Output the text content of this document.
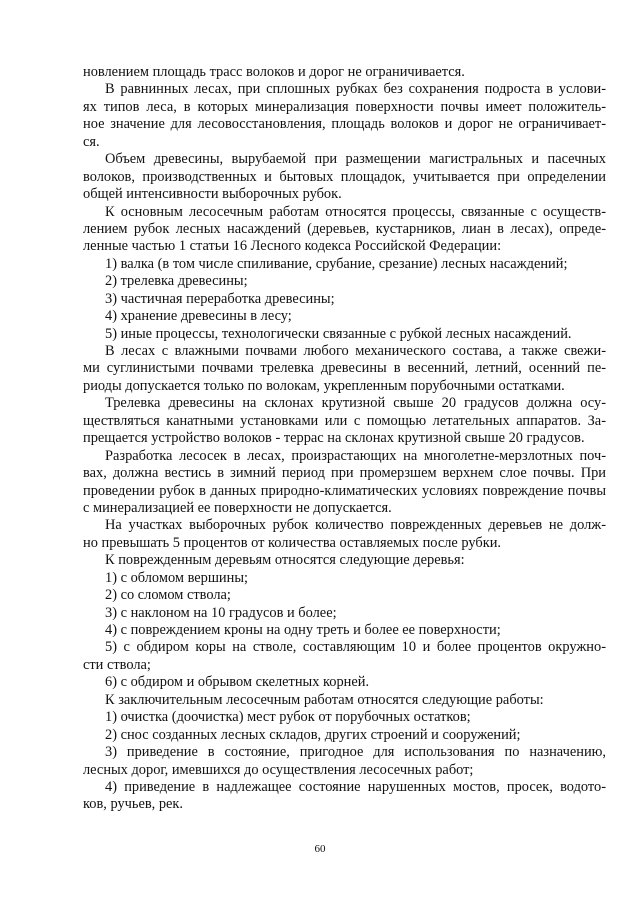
новлением площадь трасс волоков и дорог не ограничивается.
В равнинных лесах, при сплошных рубках без сохранения подроста в услови-
ях типов леса, в которых минерализация поверхности почвы имеет положитель-
ное значение для лесовосстановления, площадь волоков и дорог не ограничивает-
ся.
Объем древесины, вырубаемой при размещении магистральных и пасечных
волоков, производственных и бытовых площадок, учитывается при определении
общей интенсивности выборочных рубок.
К основным лесосечным работам относятся процессы, связанные с осуществ-
лением рубок лесных насаждений (деревьев, кустарников, лиан в лесах), опреде-
ленные частью 1 статьи 16 Лесного кодекса Российской Федерации:
1) валка (в том числе спиливание, срубание, срезание) лесных насаждений;
2) трелевка древесины;
3) частичная переработка древесины;
4) хранение древесины в лесу;
5) иные процессы, технологически связанные с рубкой лесных насаждений.
В лесах с влажными почвами любого механического состава, а также свежи-
ми суглинистыми почвами трелевка древесины в весенний, летний, осенний пе-
риоды допускается только по волокам, укрепленным порубочными остатками.
Трелевка древесины на склонах крутизной свыше 20 градусов должна осу-
ществляться канатными установками или с помощью летательных аппаратов. За-
прещается устройство волоков - террас на склонах крутизной свыше 20 градусов.
Разработка лесосек в лесах, произрастающих на многолетне-мерзлотных поч-
вах, должна вестись в зимний период при промерзшем верхнем слое почвы. При
проведении рубок в данных природно-климатических условиях повреждение почвы
с минерализацией ее поверхности не допускается.
На участках выборочных рубок количество поврежденных деревьев не долж-
но превышать 5 процентов от количества оставляемых после рубки.
К поврежденным деревьям относятся следующие деревья:
1) с обломом вершины;
2) со сломом ствола;
3) с наклоном на 10 градусов и более;
4) с повреждением кроны на одну треть и более ее поверхности;
5) с обдиром коры на стволе, составляющим 10 и более процентов окружно-
сти ствола;
6) с обдиром и обрывом скелетных корней.
К заключительным лесосечным работам относятся следующие работы:
1) очистка (доочистка) мест рубок от порубочных остатков;
2) снос созданных лесных складов, других строений и сооружений;
3) приведение в состояние, пригодное для использования по назначению,
лесных дорог, имевшихся до осуществления лесосечных работ;
4) приведение в надлежащее состояние нарушенных мостов, просек, водото-
ков, ручьев, рек.
60
